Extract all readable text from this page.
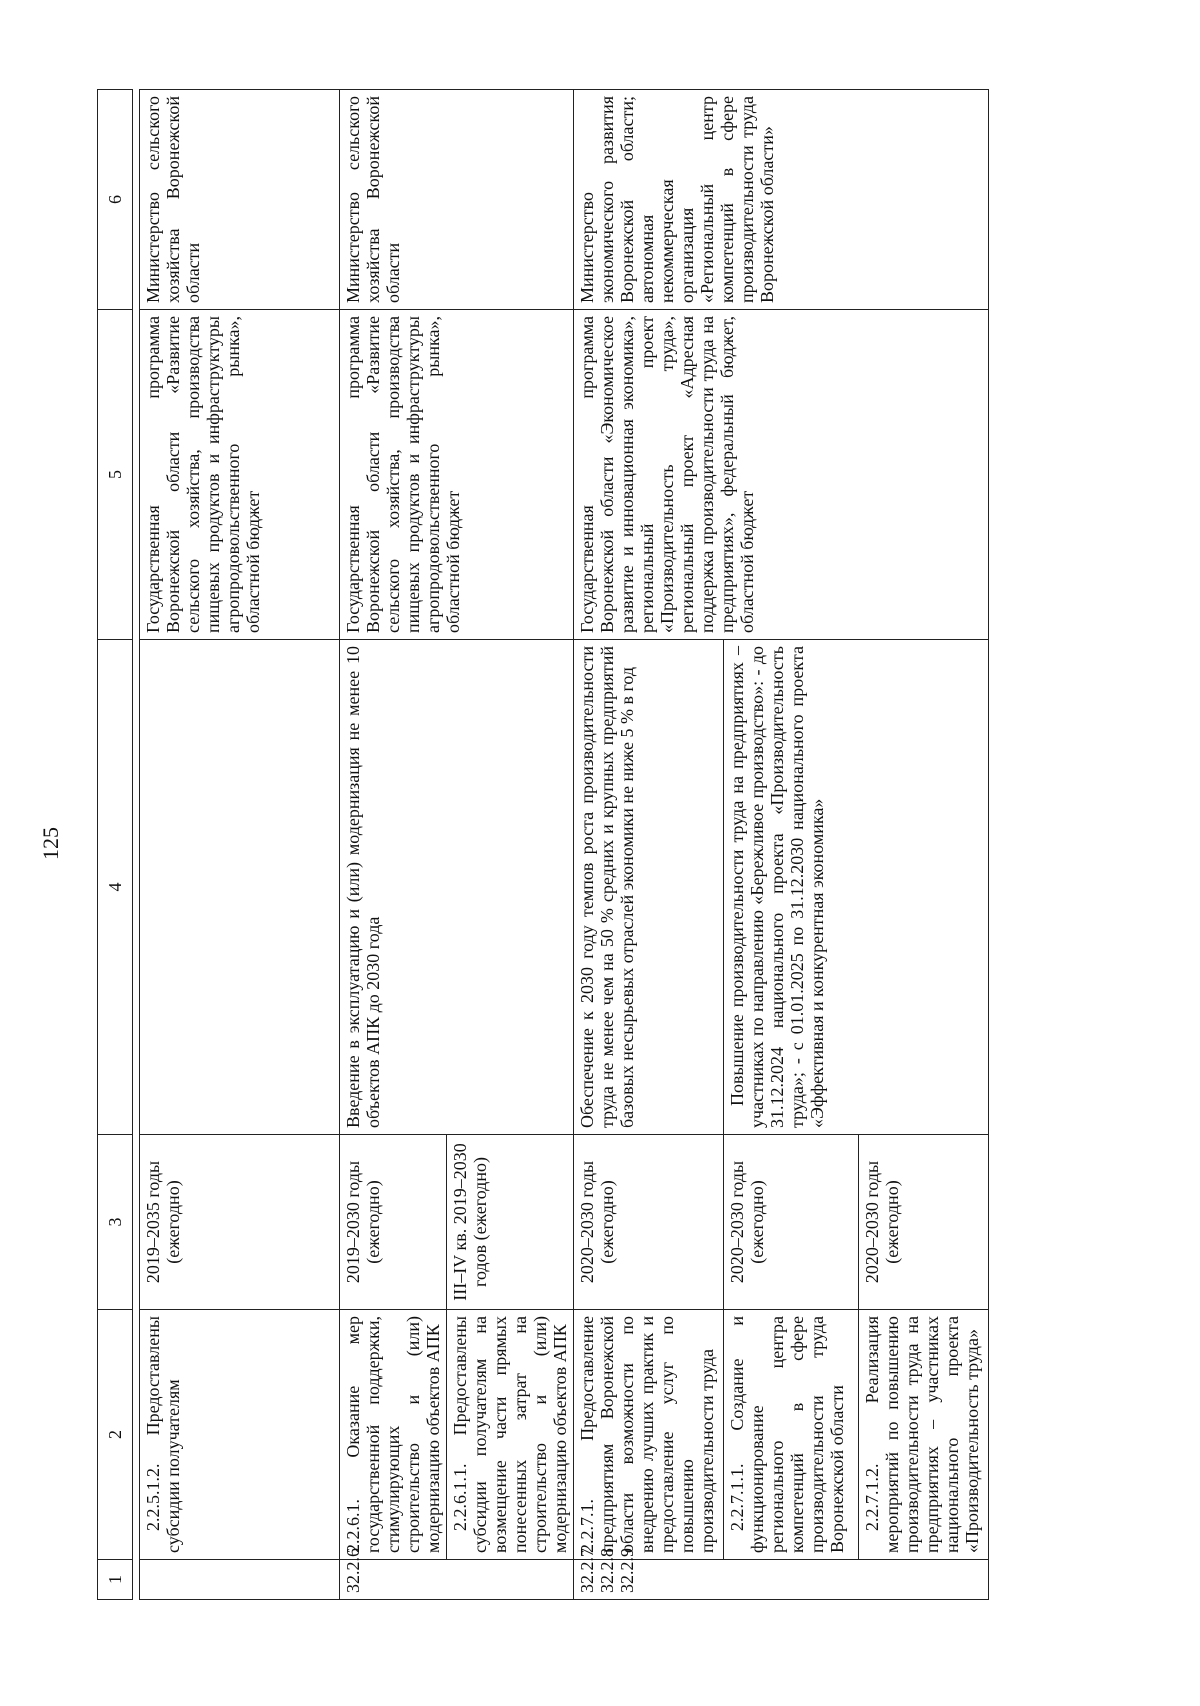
125
1	2	3	4	5	6

	2.2.5.1.2. Предоставлены субсидии получателям	2019–2035 годы (ежегодно)		Государственная программа Воронежской области «Развитие сельского хозяйства, производства пищевых продуктов и инфраструктуры агропродовольственного рынка», областной бюджет	Министерство сельского хозяйства Воронежской области
32.2.6	2.2.6.1. Оказание мер государственной поддержки, стимулирующих строительство и (или) модернизацию объектов АПК	2019–2030 годы (ежегодно)	Введение в эксплуатацию и (или) модернизация не менее 10 объектов АПК до 2030 года	Государственная программа Воронежской области «Развитие сельского хозяйства, производства пищевых продуктов и инфраструктуры агропродовольственного рынка», областной бюджет	Министерство сельского хозяйства Воронежской области
	2.2.6.1.1. Предоставлены субсидии получателям на возмещение части прямых понесенных затрат на строительство и (или) модернизацию объектов АПК	III–IV кв. 2019–2030 годов (ежегодно)			
32.2.7 32.2.8 32.2.9	2.2.7.1. Предоставление предприятиям Воронежской области возможности по внедрению лучших практик и предоставление услуг по повышению производительности труда	2020–2030 годы (ежегодно)	Обеспечение к 2030 году темпов роста производительности труда не менее чем на 50 % средних и крупных предприятий базовых несырьевых отраслей экономики не ниже 5 % в год	Государственная программа Воронежской области «Экономическое развитие и инновационная экономика», региональный проект «Производительность труда», региональный проект «Адресная поддержка производительности труда на предприятиях», федеральный бюджет, областной бюджет	Министерство экономического развития Воронежской области; автономная некоммерческая организация «Региональный центр компетенций в сфере производительности труда Воронежской области»
	2.2.7.1.1. Создание и функционирование регионального центра компетенций в сфере производительности труда Воронежской области	2020–2030 годы (ежегодно)	Повышение производительности труда на предприятиях – участниках по направлению «Бережливое производство»: - до 31.12.2024 национального проекта «Производительность труда»; - с 01.01.2025 по 31.12.2030 национального проекта «Эффективная и конкурентная экономика»		
	2.2.7.1.2. Реализация мероприятий по повышению производительности труда на предприятиях – участниках национального проекта «Производительность труда»	2020–2030 годы (ежегодно)			
